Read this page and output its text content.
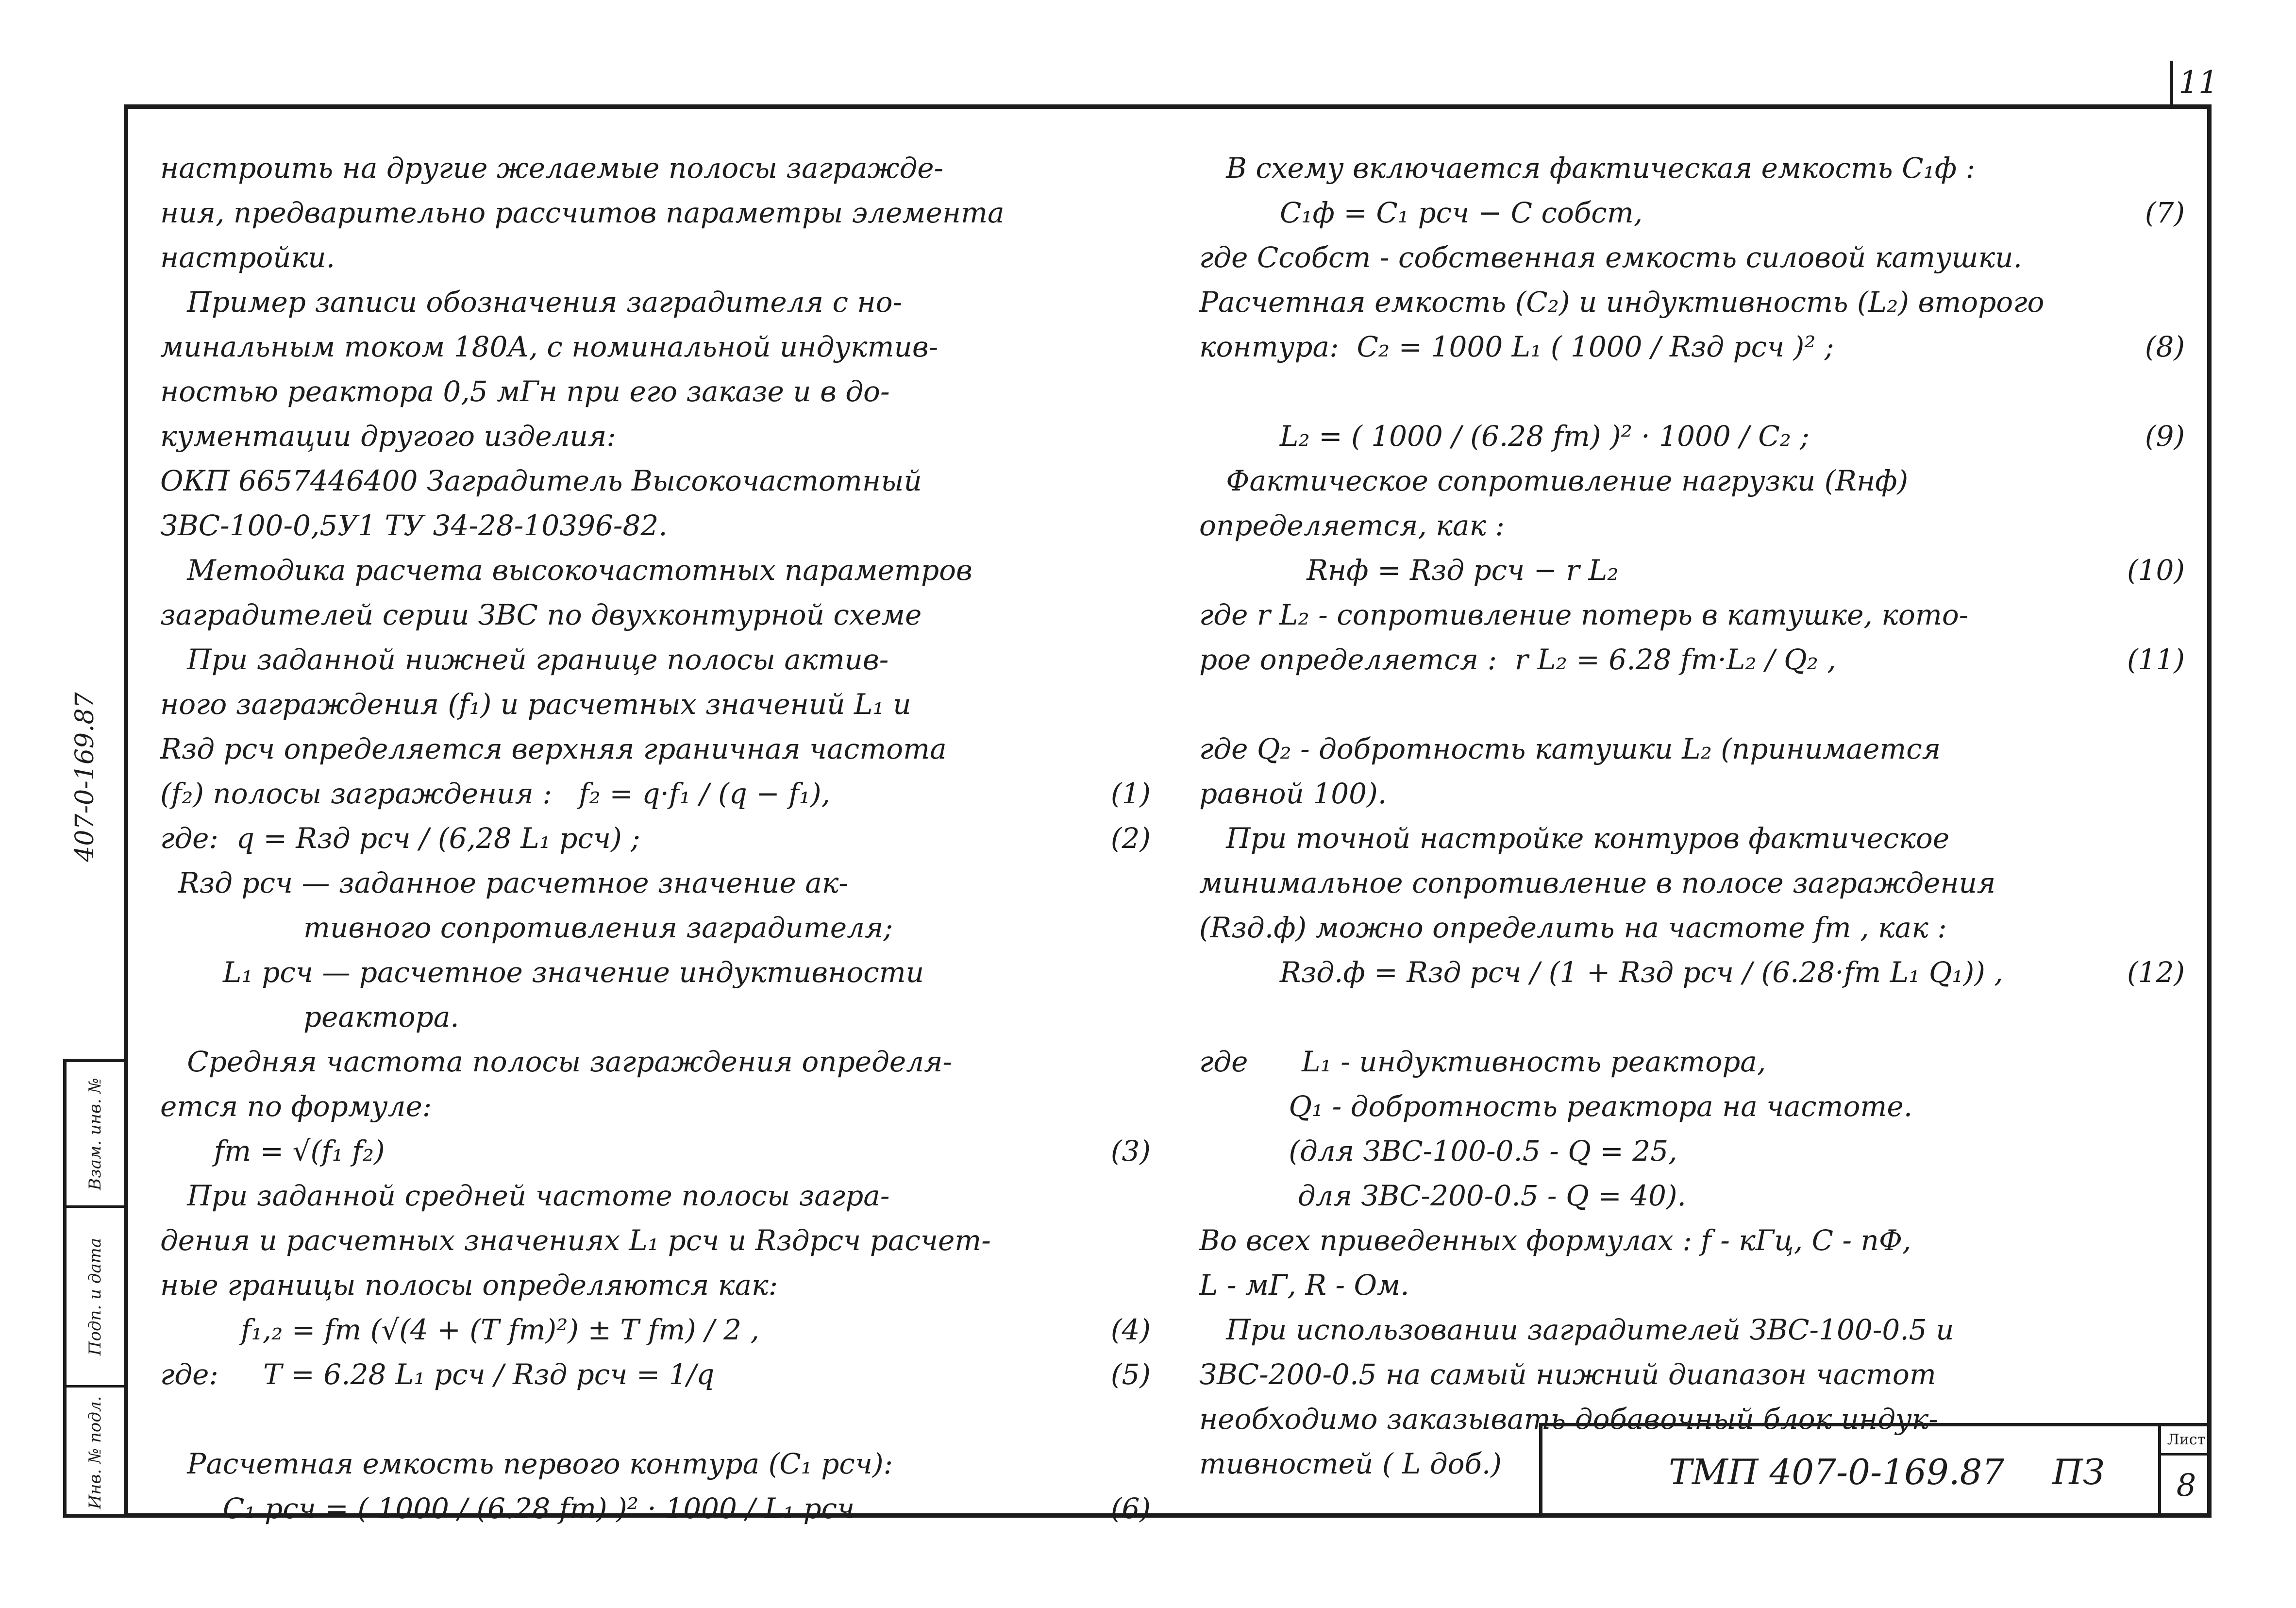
11
407-0-169.87
Взам. инв. №
Подп. и дата
Инв. № подл.
настроить на другие желаемые полосы загражде-
ния, предварительно рассчитов параметры элемента
настройки.
Пример записи обозначения заградителя с но-
минальным током 180А, с номинальной индуктив-
ностью реактора 0,5 мГн при его заказе и в до-
кументации другого изделия:
ОКП 6657446400 Заградитель Высокочастотный
ЗВС-100-0,5У1 ТУ 34-28-10396-82.
Методика расчета высокочастотных параметров
заградителей серии ЗВС по двухконтурной схеме
При заданной нижней границе полосы актив-
ного заграждения (f₁) и расчетных значений L₁ и
Rзд рсч определяется верхняя граничная частота
(f₂) полосы заграждения :   f₂ = q·f₁ / (q − f₁),	(1)
где:  q = Rзд рсч / (6,28 L₁ рсч) ;	(2)
Rзд рсч — заданное расчетное значение ак-
тивного сопротивления заградителя;
L₁ рсч — расчетное значение индуктивности
реактора.
Средняя частота полосы заграждения определя-
ется по формуле:
fm = √(f₁ f₂)	(3)
При заданной средней частоте полосы загра-
дения и расчетных значениях L₁ рсч и Rздрсч расчет-
ные границы полосы определяются как:
f₁,₂ = fm (√(4 + (T fm)²) ± T fm) / 2 ,	(4)
где:     T = 6.28 L₁ рсч / Rзд рсч = 1/q	(5)
Расчетная емкость первого контура (C₁ рсч):
C₁ рсч = ( 1000 / (6.28 fm) )² · 1000 / L₁ рсч	(6)
В схему включается фактическая емкость C₁ф :
C₁ф = C₁ рсч − C собст,	(7)
где Cсобст - собственная емкость силовой катушки.
Расчетная емкость (C₂) и индуктивность (L₂) второго
контура:  C₂ = 1000 L₁ ( 1000 / Rзд рсч )² ;	(8)
L₂ = ( 1000 / (6.28 fm) )² · 1000 / C₂ ;	(9)
Фактическое сопротивление нагрузки (Rнф)
определяется, как :
Rнф = Rзд рсч − r L₂	(10)
где r L₂ - сопротивление потерь в катушке, кото-
рое определяется :  r L₂ = 6.28 fm·L₂ / Q₂ ,	(11)
где Q₂ - добротность катушки L₂ (принимается
равной 100).
При точной настройке контуров фактическое
минимальное сопротивление в полосе заграждения
(Rзд.ф) можно определить на частоте fm , как :
Rзд.ф = Rзд рсч / (1 + Rзд рсч / (6.28·fm L₁ Q₁)) ,	(12)
где      L₁ - индуктивность реактора,
Q₁ - добротность реактора на частоте.
(для ЗВС-100-0.5 - Q = 25,
для ЗВС-200-0.5 - Q = 40).
Во всех приведенных формулах : f - кГц, C - пФ,
L - мГ, R - Ом.
При использовании заградителей ЗВС-100-0.5 и
ЗВС-200-0.5 на самый нижний диапазон частот
необходимо заказывать добавочный блок индук-
тивностей ( L доб.)	ТМП 407-0-169.87 ПЗ
Лист
8
